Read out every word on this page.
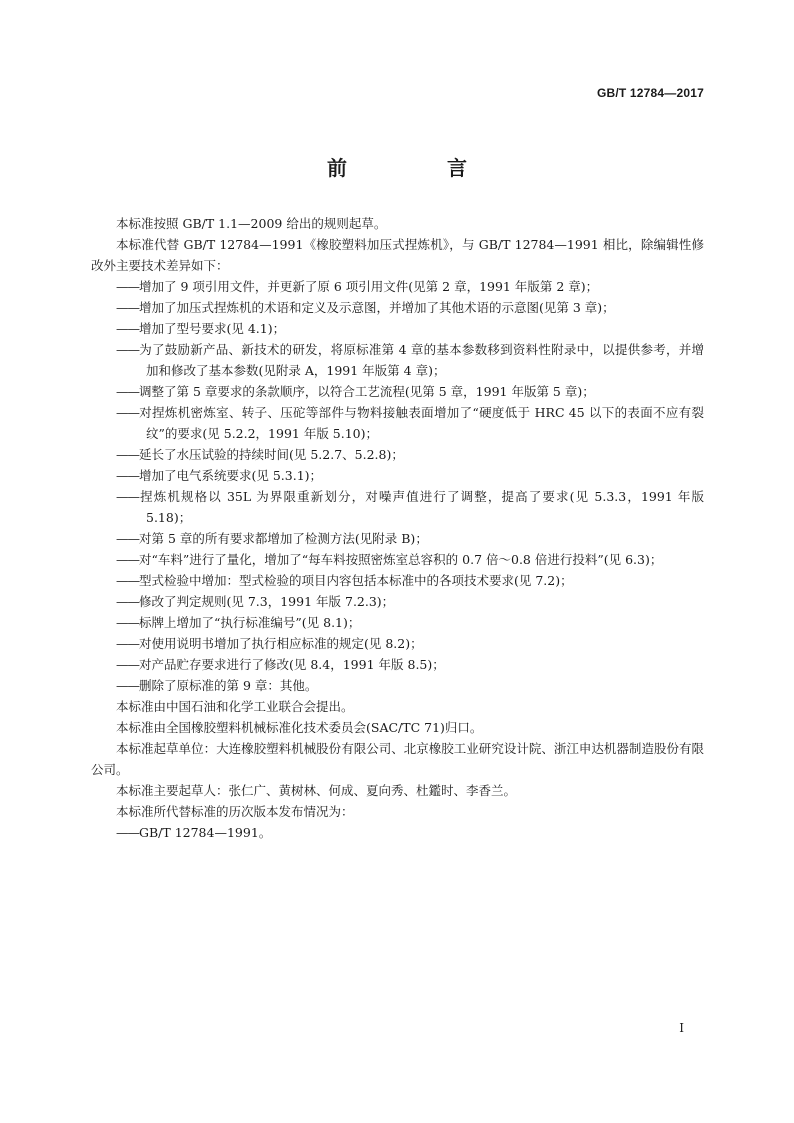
GB/T 12784—2017
前　言
本标准按照 GB/T 1.1—2009 给出的规则起草。
本标准代替 GB/T 12784—1991《橡胶塑料加压式捏炼机》，与 GB/T 12784—1991 相比，除编辑性修改外主要技术差异如下：
——增加了 9 项引用文件，并更新了原 6 项引用文件(见第 2 章，1991 年版第 2 章)；
——增加了加压式捏炼机的术语和定义及示意图，并增加了其他术语的示意图(见第 3 章)；
——增加了型号要求(见 4.1)；
——为了鼓励新产品、新技术的研发，将原标准第 4 章的基本参数移到资料性附录中，以提供参考，并增加和修改了基本参数(见附录 A，1991 年版第 4 章)；
——调整了第 5 章要求的条款顺序，以符合工艺流程(见第 5 章，1991 年版第 5 章)；
——对捏炼机密炼室、转子、压砣等部件与物料接触表面增加了“硬度低于 HRC 45 以下的表面不应有裂纹”的要求(见 5.2.2，1991 年版 5.10)；
——延长了水压试验的持续时间(见 5.2.7、5.2.8)；
——增加了电气系统要求(见 5.3.1)；
——捏炼机规格以 35L 为界限重新划分，对噪声值进行了调整，提高了要求(见 5.3.3，1991 年版 5.18)；
——对第 5 章的所有要求都增加了检测方法(见附录 B)；
——对“车料”进行了量化，增加了“每车料按照密炼室总容积的 0.7 倍～0.8 倍进行投料”(见 6.3)；
——型式检验中增加：型式检验的项目内容包括本标准中的各项技术要求(见 7.2)；
——修改了判定规则(见 7.3，1991 年版 7.2.3)；
——标牌上增加了“执行标准编号”(见 8.1)；
——对使用说明书增加了执行相应标准的规定(见 8.2)；
——对产品贮存要求进行了修改(见 8.4，1991 年版 8.5)；
——删除了原标准的第 9 章：其他。
本标准由中国石油和化学工业联合会提出。
本标准由全国橡胶塑料机械标准化技术委员会(SAC/TC 71)归口。
本标准起草单位：大连橡胶塑料机械股份有限公司、北京橡胶工业研究设计院、浙江申达机器制造股份有限公司。
本标准主要起草人：张仁广、黄树林、何成、夏向秀、杜鑑时、李香兰。
本标准所代替标准的历次版本发布情况为：
——GB/T 12784—1991。
I
